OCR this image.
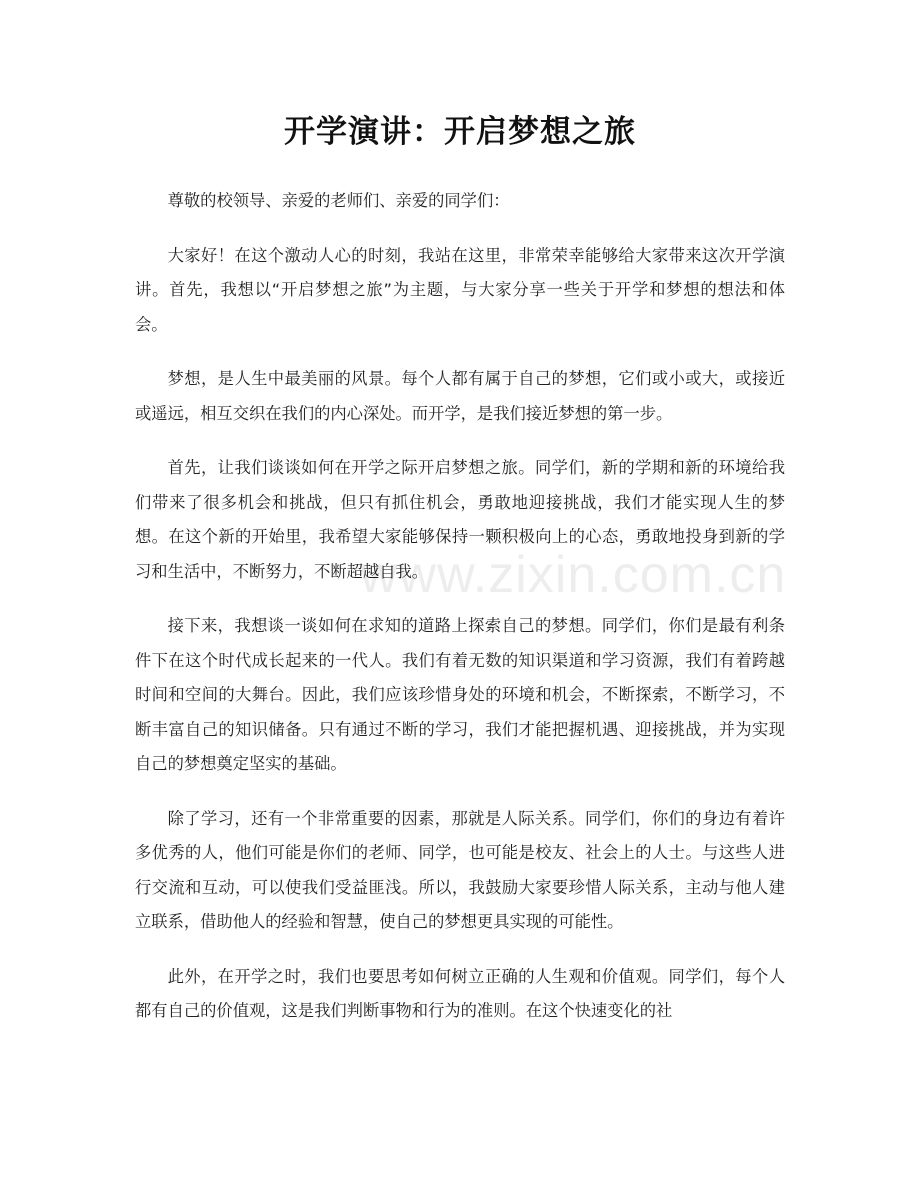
开学演讲：开启梦想之旅

尊敬的校领导、亲爱的老师们、亲爱的同学们：

大家好！在这个激动人心的时刻，我站在这里，非常荣幸能够给大家带来这次开学演讲。首先，我想以“开启梦想之旅”为主题，与大家分享一些关于开学和梦想的想法和体会。

梦想，是人生中最美丽的风景。每个人都有属于自己的梦想，它们或小或大，或接近或遥远，相互交织在我们的内心深处。而开学，是我们接近梦想的第一步。

首先，让我们谈谈如何在开学之际开启梦想之旅。同学们，新的学期和新的环境给我们带来了很多机会和挑战，但只有抓住机会，勇敢地迎接挑战，我们才能实现人生的梦想。在这个新的开始里，我希望大家能够保持一颗积极向上的心态，勇敢地投身到新的学习和生活中，不断努力，不断超越自我。

接下来，我想谈一谈如何在求知的道路上探索自己的梦想。同学们，你们是最有利条件下在这个时代成长起来的一代人。我们有着无数的知识渠道和学习资源，我们有着跨越时间和空间的大舞台。因此，我们应该珍惜身处的环境和机会，不断探索，不断学习，不断丰富自己的知识储备。只有通过不断的学习，我们才能把握机遇、迎接挑战，并为实现自己的梦想奠定坚实的基础。

除了学习，还有一个非常重要的因素，那就是人际关系。同学们，你们的身边有着许多优秀的人，他们可能是你们的老师、同学，也可能是校友、社会上的人士。与这些人进行交流和互动，可以使我们受益匪浅。所以，我鼓励大家要珍惜人际关系，主动与他人建立联系，借助他人的经验和智慧，使自己的梦想更具实现的可能性。

此外，在开学之时，我们也要思考如何树立正确的人生观和价值观。同学们，每个人都有自己的价值观，这是我们判断事物和行为的准则。在这个快速变化的社

www.zixin.com.cn
